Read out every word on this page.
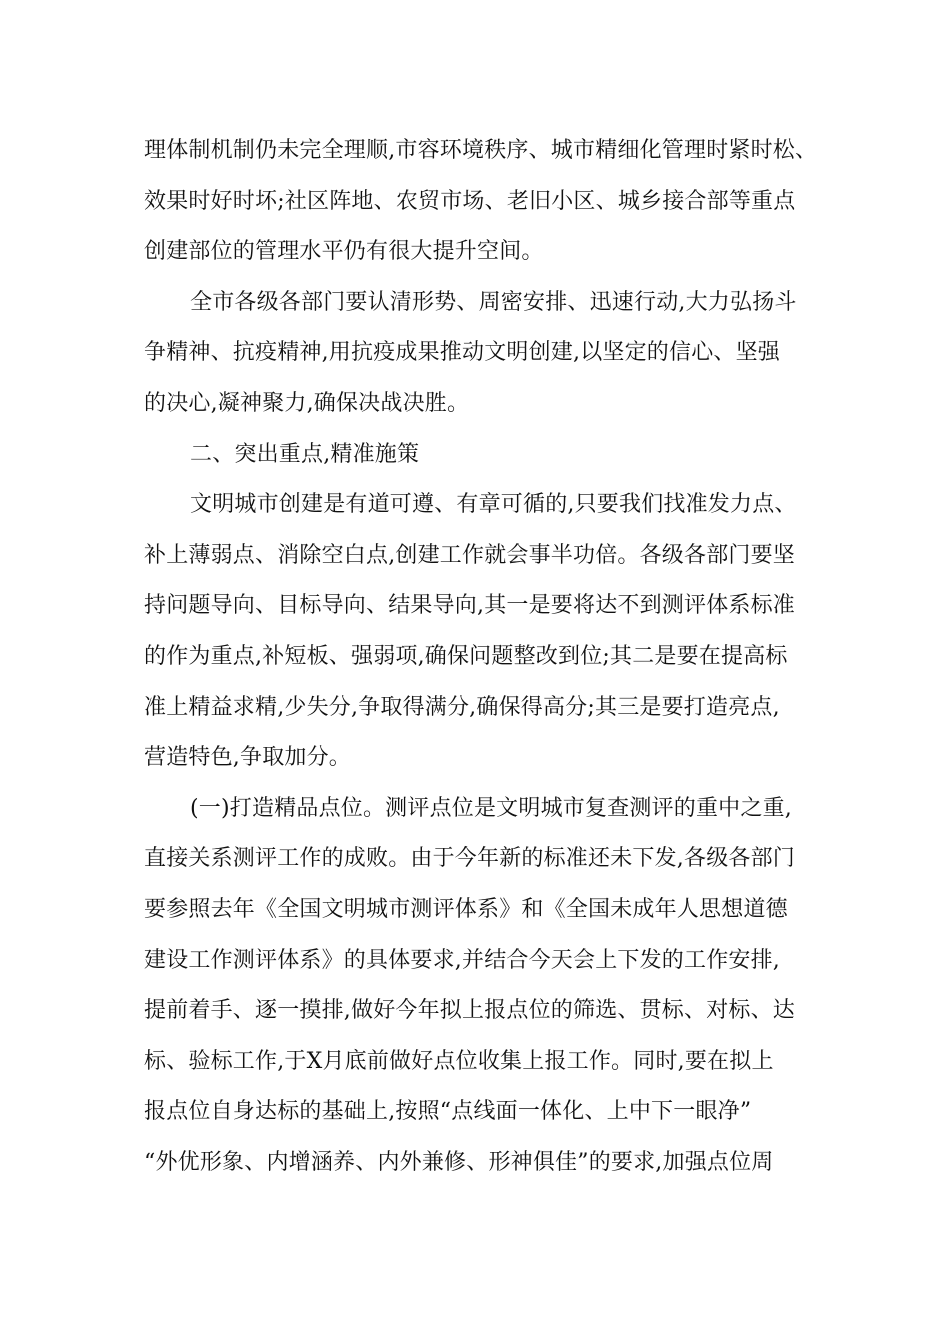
理体制机制仍未完全理顺,市容环境秩序、城市精细化管理时紧时松、
效果时好时坏;社区阵地、农贸市场、老旧小区、城乡接合部等重点
创建部位的管理水平仍有很大提升空间。
全市各级各部门要认清形势、周密安排、迅速行动,大力弘扬斗
争精神、抗疫精神,用抗疫成果推动文明创建,以坚定的信心、坚强
的决心,凝神聚力,确保决战决胜。
二、突出重点,精准施策
文明城市创建是有道可遵、有章可循的,只要我们找准发力点、
补上薄弱点、消除空白点,创建工作就会事半功倍。各级各部门要坚
持问题导向、目标导向、结果导向,其一是要将达不到测评体系标准
的作为重点,补短板、强弱项,确保问题整改到位;其二是要在提高标
准上精益求精,少失分,争取得满分,确保得高分;其三是要打造亮点,
营造特色,争取加分。
(一)打造精品点位。测评点位是文明城市复查测评的重中之重,
直接关系测评工作的成败。由于今年新的标准还未下发,各级各部门
要参照去年《全国文明城市测评体系》和《全国未成年人思想道德
建设工作测评体系》的具体要求,并结合今天会上下发的工作安排,
提前着手、逐一摸排,做好今年拟上报点位的筛选、贯标、对标、达
标、验标工作,于X月底前做好点位收集上报工作。同时,要在拟上
报点位自身达标的基础上,按照“点线面一体化、上中下一眼净”
“外优形象、内增涵养、内外兼修、形神俱佳”的要求,加强点位周
